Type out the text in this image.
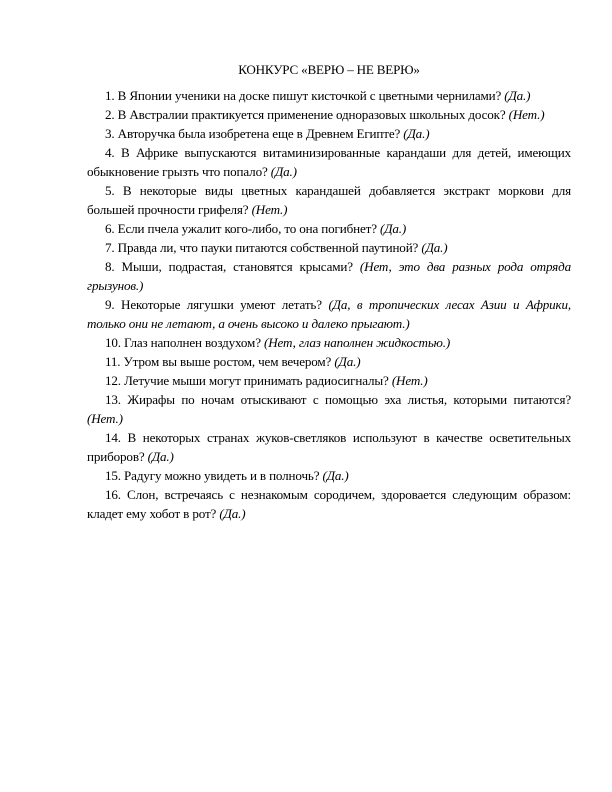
КОНКУРС «ВЕРЮ – НЕ ВЕРЮ»

1. В Японии ученики на доске пишут кисточкой с цветными чернилами? (Да.)

2. В Австралии практикуется применение одноразовых школьных досок? (Нет.)

3. Авторучка была изобретена еще в Древнем Египте? (Да.)

4. В Африке выпускаются витаминизированные карандаши для детей, имеющих обыкновение грызть что попало? (Да.)

5. В некоторые виды цветных карандашей добавляется экстракт моркови для большей прочности грифеля? (Нет.)

6. Если пчела ужалит кого-либо, то она погибнет? (Да.)

7. Правда ли, что пауки питаются собственной паутиной? (Да.)

8. Мыши, подрастая, становятся крысами? (Нет, это два разных рода отряда грызунов.)

9. Некоторые лягушки умеют летать? (Да, в тропических лесах Азии и Африки, только они не летают, а очень высоко и далеко прыгают.)

10. Глаз наполнен воздухом? (Нет, глаз наполнен жидкостью.)

11. Утром вы выше ростом, чем вечером? (Да.)

12. Летучие мыши могут принимать радиосигналы? (Нет.)

13. Жирафы по ночам отыскивают с помощью эха листья, которыми питаются? (Нет.)

14. В некоторых странах жуков-светляков используют в качестве осветительных приборов? (Да.)

15. Радугу можно увидеть и в полночь? (Да.)

16. Слон, встречаясь с незнакомым сородичем, здоровается следующим образом: кладет ему хобот в рот? (Да.)
